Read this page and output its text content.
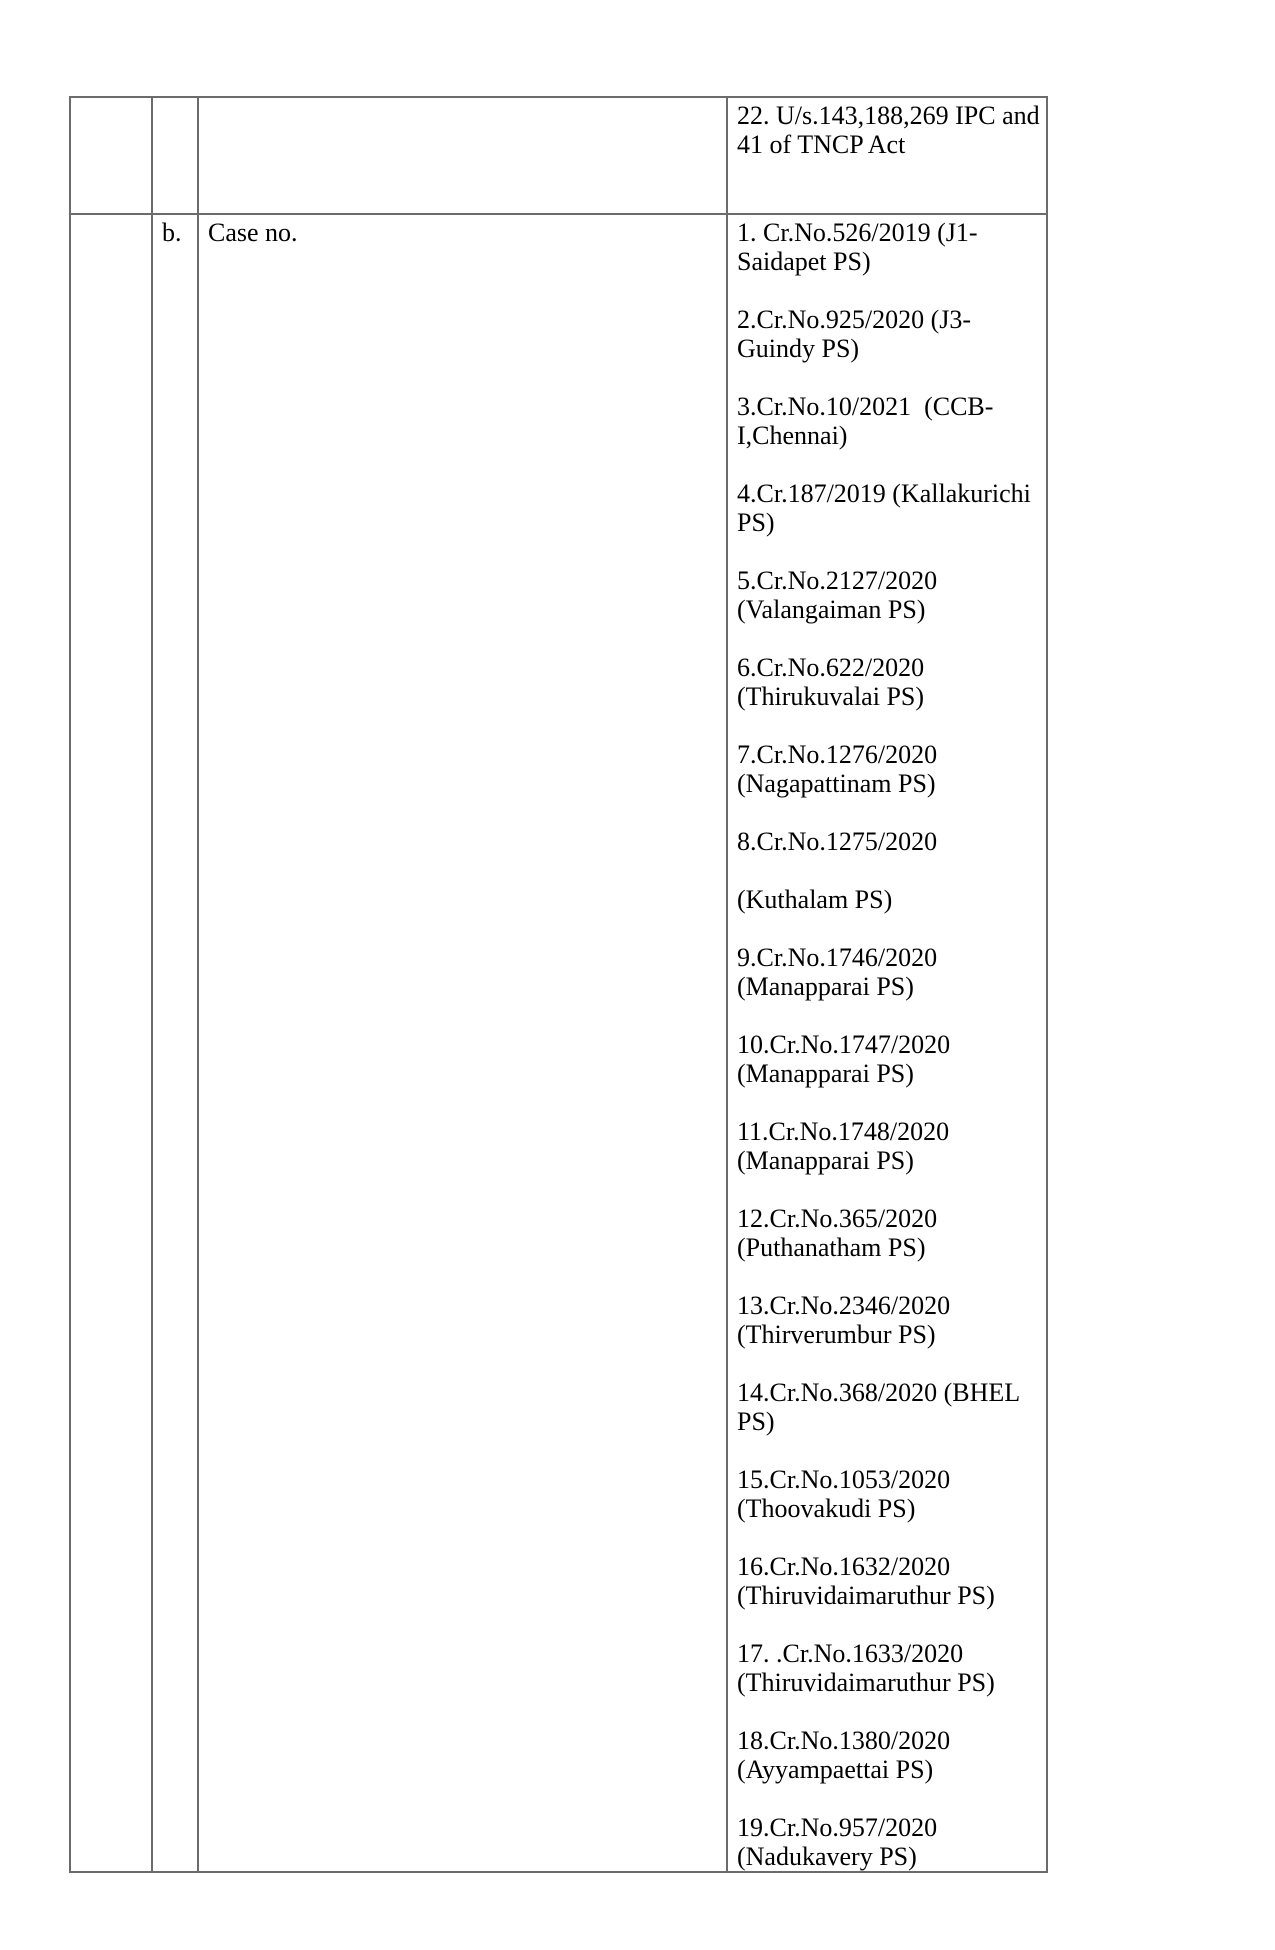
			22. U/s.143,188,269 IPC and
41 of TNCP Act

	b.	Case no.	1. Cr.No.526/2019 (J1-
Saidapet PS)
2.Cr.No.925/2020 (J3-
Guindy PS)
3.Cr.No.10/2021  (CCB-
I,Chennai)
4.Cr.187/2019 (Kallakurichi
PS)
5.Cr.No.2127/2020
(Valangaiman PS)
6.Cr.No.622/2020
(Thirukuvalai PS)
7.Cr.No.1276/2020
(Nagapattinam PS)
8.Cr.No.1275/2020

(Kuthalam PS)
9.Cr.No.1746/2020
(Manapparai PS)
10.Cr.No.1747/2020
(Manapparai PS)
11.Cr.No.1748/2020
(Manapparai PS)
12.Cr.No.365/2020
(Puthanatham PS)
13.Cr.No.2346/2020
(Thirverumbur PS)
14.Cr.No.368/2020 (BHEL
PS)
15.Cr.No.1053/2020
(Thoovakudi PS)
16.Cr.No.1632/2020
(Thiruvidaimaruthur PS)
17. .Cr.No.1633/2020
(Thiruvidaimaruthur PS)
18.Cr.No.1380/2020
(Ayyampaettai PS)
19.Cr.No.957/2020
(Nadukavery PS)
